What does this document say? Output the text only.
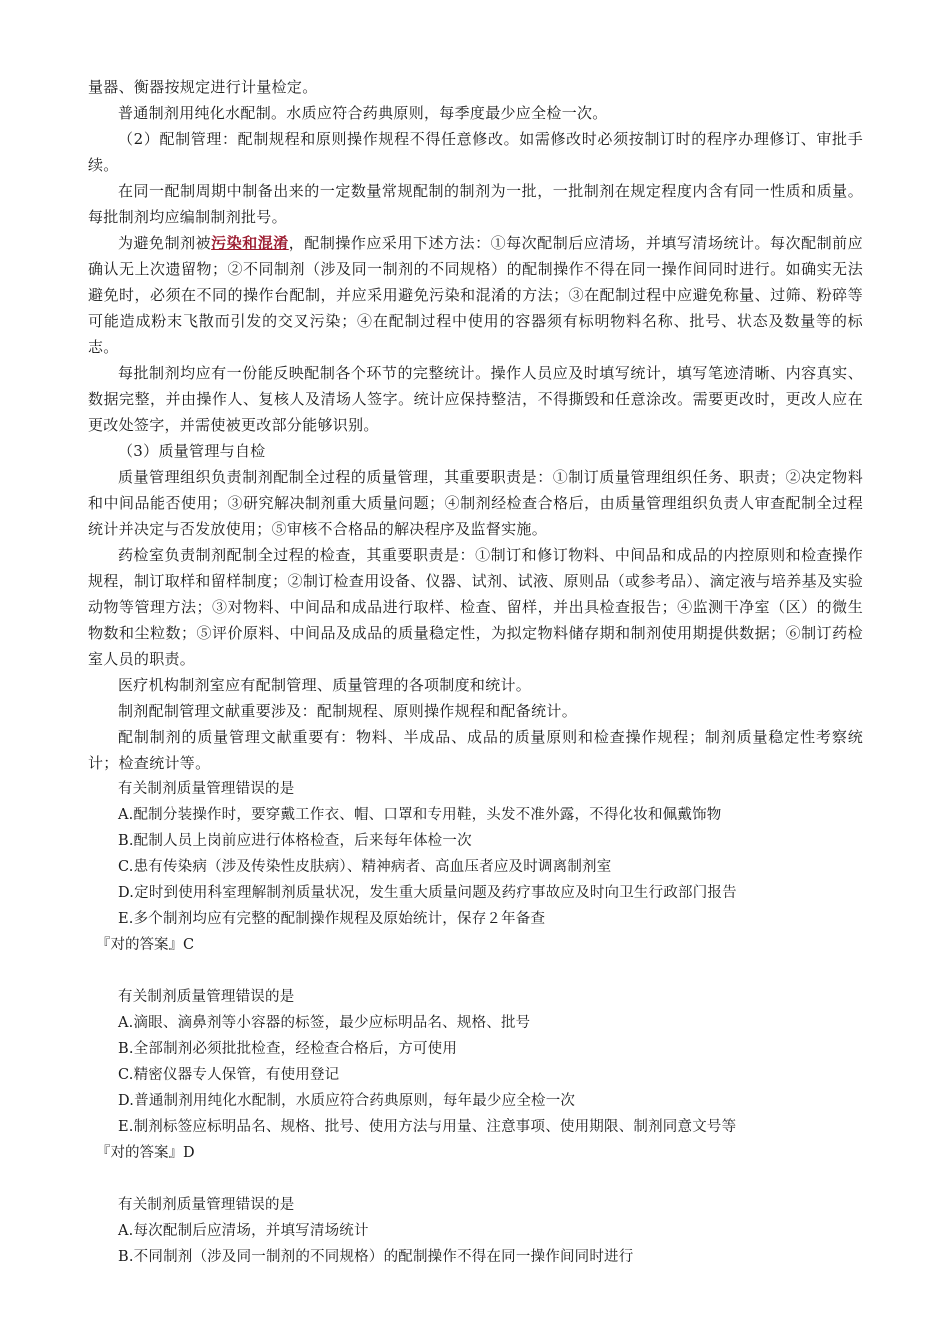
量器、衡器按规定进行计量检定。

普通制剂用纯化水配制。水质应符合药典原则，每季度最少应全检一次。

（2）配制管理：配制规程和原则操作规程不得任意修改。如需修改时必须按制订时的程序办理修订、审批手续。

在同一配制周期中制备出来的一定数量常规配制的制剂为一批，一批制剂在规定程度内含有同一性质和质量。每批制剂均应编制制剂批号。

为避免制剂被污染和混淆，配制操作应采用下述方法：①每次配制后应清场，并填写清场统计。每次配制前应确认无上次遗留物；②不同制剂（涉及同一制剂的不同规格）的配制操作不得在同一操作间同时进行。如确实无法避免时，必须在不同的操作台配制，并应采用避免污染和混淆的方法；③在配制过程中应避免称量、过筛、粉碎等可能造成粉末飞散而引发的交叉污染；④在配制过程中使用的容器须有标明物料名称、批号、状态及数量等的标志。

每批制剂均应有一份能反映配制各个环节的完整统计。操作人员应及时填写统计，填写笔迹清晰、内容真实、数据完整，并由操作人、复核人及清场人签字。统计应保持整洁，不得撕毁和任意涂改。需要更改时，更改人应在更改处签字，并需使被更改部分能够识别。

（3）质量管理与自检

质量管理组织负责制剂配制全过程的质量管理，其重要职责是：①制订质量管理组织任务、职责；②决定物料和中间品能否使用；③研究解决制剂重大质量问题；④制剂经检查合格后，由质量管理组织负责人审查配制全过程统计并决定与否发放使用；⑤审核不合格品的解决程序及监督实施。

药检室负责制剂配制全过程的检查，其重要职责是：①制订和修订物料、中间品和成品的内控原则和检查操作规程，制订取样和留样制度；②制订检查用设备、仪器、试剂、试液、原则品（或参考品）、滴定液与培养基及实验动物等管理方法；③对物料、中间品和成品进行取样、检查、留样，并出具检查报告；④监测干净室（区）的微生物数和尘粒数；⑤评价原料、中间品及成品的质量稳定性，为拟定物料储存期和制剂使用期提供数据；⑥制订药检室人员的职责。

医疗机构制剂室应有配制管理、质量管理的各项制度和统计。

制剂配制管理文献重要涉及：配制规程、原则操作规程和配备统计。

配制制剂的质量管理文献重要有：物料、半成品、成品的质量原则和检查操作规程；制剂质量稳定性考察统计；检查统计等。

有关制剂质量管理错误的是

A.配制分装操作时，要穿戴工作衣、帽、口罩和专用鞋，头发不准外露，不得化妆和佩戴饰物

B.配制人员上岗前应进行体格检查，后来每年体检一次

C.患有传染病（涉及传染性皮肤病）、精神病者、高血压者应及时调离制剂室

D.定时到使用科室理解制剂质量状况，发生重大质量问题及药疗事故应及时向卫生行政部门报告

E.多个制剂均应有完整的配制操作规程及原始统计，保存２年备查

『对的答案』C

有关制剂质量管理错误的是

A.滴眼、滴鼻剂等小容器的标签，最少应标明品名、规格、批号

B.全部制剂必须批批检查，经检查合格后，方可使用

C.精密仪器专人保管，有使用登记

D.普通制剂用纯化水配制，水质应符合药典原则，每年最少应全检一次

E.制剂标签应标明品名、规格、批号、使用方法与用量、注意事项、使用期限、制剂同意文号等

『对的答案』D

有关制剂质量管理错误的是

A.每次配制后应清场，并填写清场统计

B.不同制剂（涉及同一制剂的不同规格）的配制操作不得在同一操作间同时进行
